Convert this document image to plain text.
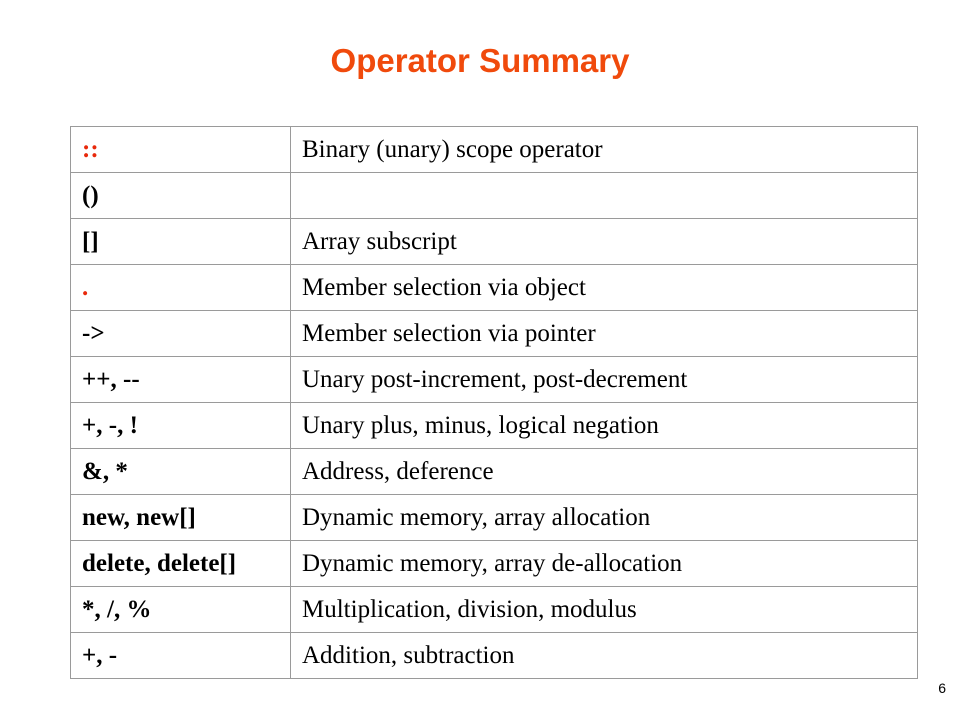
Operator Summary
::	Binary (unary) scope operator
()	
[]	Array subscript
.	Member selection via object
->	Member selection via pointer
++, --	Unary post-increment, post-decrement
+, -, !	Unary plus, minus, logical negation
&, *	Address, deference
new, new[]	Dynamic memory, array allocation
delete, delete[]	Dynamic memory, array de-allocation
*, /, %	Multiplication, division, modulus
+, -	Addition, subtraction
6
